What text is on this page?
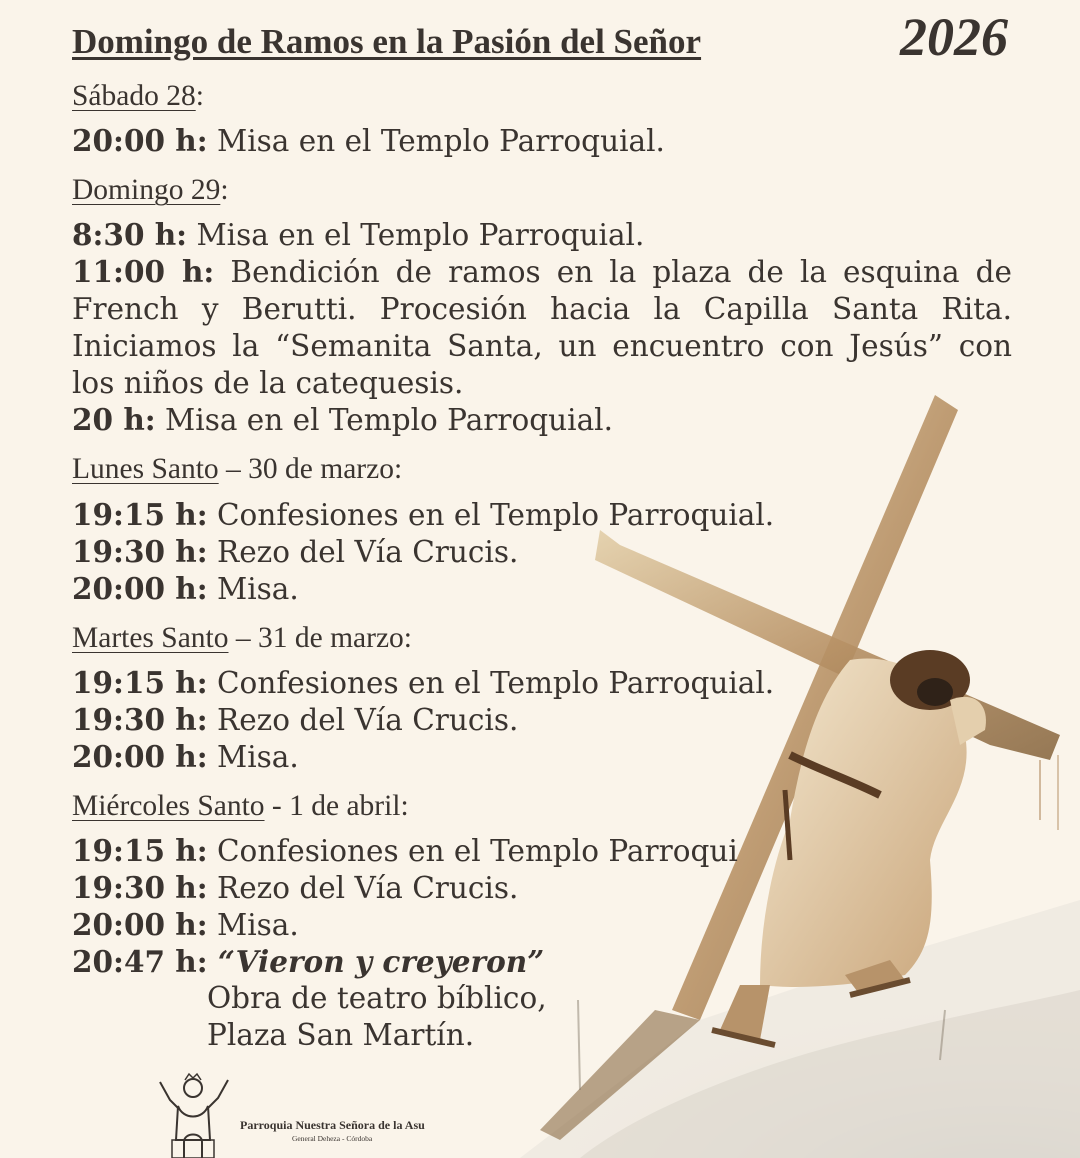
Domingo de Ramos en la Pasión del Señor	2026
Sábado 28:
20:00 h: Misa en el Templo Parroquial.
Domingo 29:
8:30 h: Misa en el Templo Parroquial.
11:00 h: Bendición de ramos en la plaza de la esquina de French y Berutti. Procesión hacia la Capilla Santa Rita. Iniciamos la “Semanita Santa, un encuentro con Jesús” con los niños de la catequesis.
20 h: Misa en el Templo Parroquial.
Lunes Santo – 30 de marzo:
19:15 h: Confesiones en el Templo Parroquial.
19:30 h: Rezo del Vía Crucis.
20:00 h: Misa.
Martes Santo – 31 de marzo:
19:15 h: Confesiones en el Templo Parroquial.
19:30 h: Rezo del Vía Crucis.
20:00 h: Misa.
Miércoles Santo - 1 de abril:
19:15 h: Confesiones en el Templo Parroqui
19:30 h: Rezo del Vía Crucis.
20:00 h: Misa.
20:47 h: “Vieron y creyeron”
Obra de teatro bíblico,
Plaza San Martín.
Parroquia Nuestra Señora de la Asu
General Deheza - Córdoba
